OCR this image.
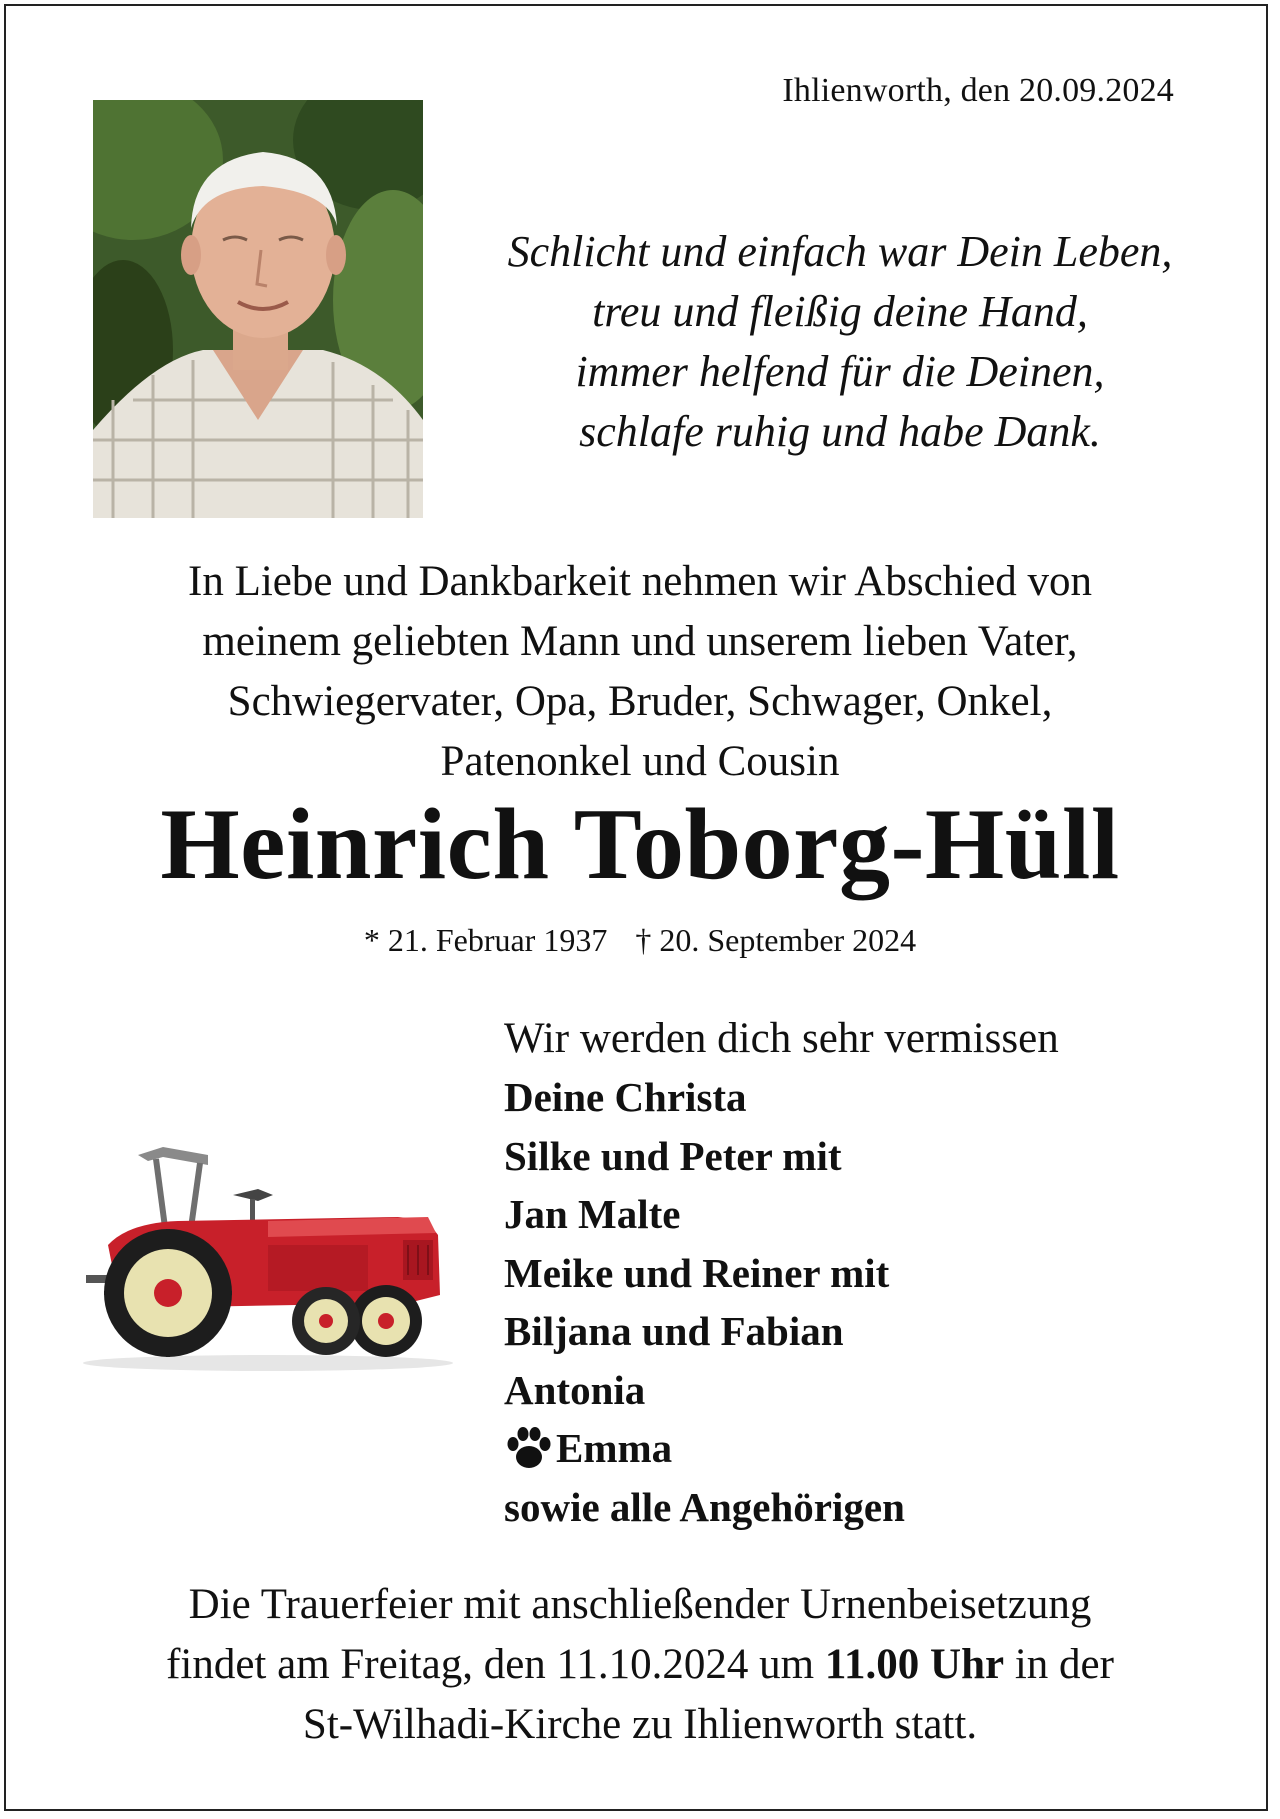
Ihlienworth, den 20.09.2024
Schlicht und einfach war Dein Leben,
treu und fleißig deine Hand,
immer helfend für die Deinen,
schlafe ruhig und habe Dank.
In Liebe und Dankbarkeit nehmen wir Abschied von
meinem geliebten Mann und unserem lieben Vater,
Schwiegervater, Opa, Bruder, Schwager, Onkel,
Patenonkel und Cousin
Heinrich Toborg-Hüll
* 21. Februar 1937 † 20. September 2024
Wir werden dich sehr vermissen
Deine Christa
Silke und Peter mit
Jan Malte
Meike und Reiner mit
Biljana und Fabian
Antonia
Emma
sowie alle Angehörigen
Die Trauerfeier mit anschließender Urnenbeisetzung
findet am Freitag, den 11.10.2024 um 11.00 Uhr in der
St-Wilhadi-Kirche zu Ihlienworth statt.
